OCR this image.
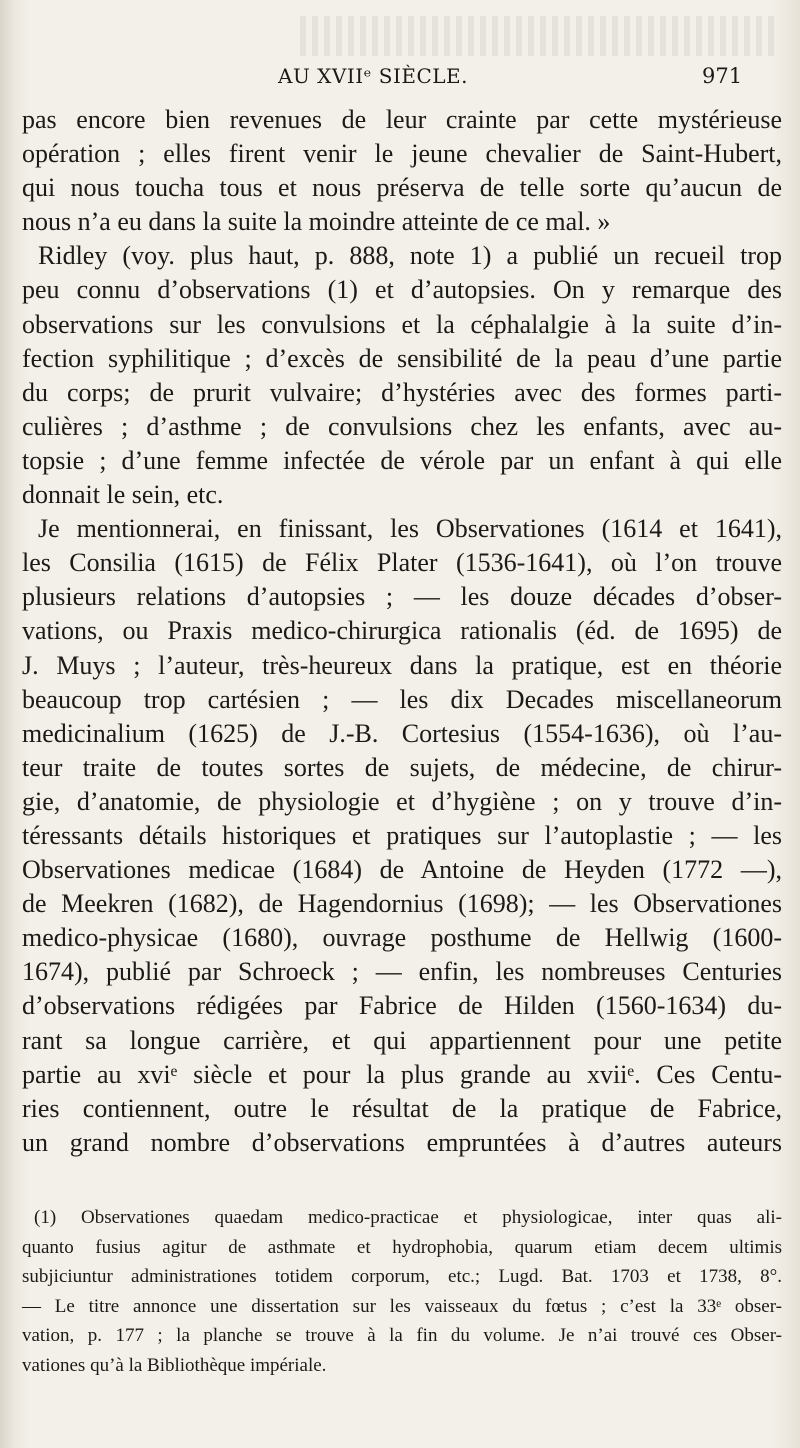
AU XVIIᵉ SIÈCLE.	971
pas encore bien revenues de leur crainte par cette mystérieuse
opération ; elles firent venir le jeune chevalier de Saint-Hubert,
qui nous toucha tous et nous préserva de telle sorte qu’aucun de
nous n’a eu dans la suite la moindre atteinte de ce mal. »
Ridley (voy. plus haut, p. 888, note 1) a publié un recueil trop
peu connu d’observations (1) et d’autopsies. On y remarque des
observations sur les convulsions et la céphalalgie à la suite d’in-
fection syphilitique ; d’excès de sensibilité de la peau d’une partie
du corps; de prurit vulvaire; d’hystéries avec des formes parti-
culières ; d’asthme ; de convulsions chez les enfants, avec au-
topsie ; d’une femme infectée de vérole par un enfant à qui elle
donnait le sein, etc.
Je mentionnerai, en finissant, les Observationes (1614 et 1641),
les Consilia (1615) de Félix Plater (1536-1641), où l’on trouve
plusieurs relations d’autopsies ; — les douze décades d’obser-
vations, ou Praxis medico-chirurgica rationalis (éd. de 1695) de
J. Muys ; l’auteur, très-heureux dans la pratique, est en théorie
beaucoup trop cartésien ; — les dix Decades miscellaneorum
medicinalium (1625) de J.-B. Cortesius (1554-1636), où l’au-
teur traite de toutes sortes de sujets, de médecine, de chirur-
gie, d’anatomie, de physiologie et d’hygiène ; on y trouve d’in-
téressants détails historiques et pratiques sur l’autoplastie ; — les
Observationes medicae (1684) de Antoine de Heyden (1772 —),
de Meekren (1682), de Hagendornius (1698); — les Observationes
medico-physicae (1680), ouvrage posthume de Hellwig (1600-
1674), publié par Schroeck ; — enfin, les nombreuses Centuries
d’observations rédigées par Fabrice de Hilden (1560-1634) du-
rant sa longue carrière, et qui appartiennent pour une petite
partie au xviᵉ siècle et pour la plus grande au xviiᵉ. Ces Centu-
ries contiennent, outre le résultat de la pratique de Fabrice,
un grand nombre d’observations empruntées à d’autres auteurs
(1) Observationes quaedam medico-practicae et physiologicae, inter quas ali-
quanto fusius agitur de asthmate et hydrophobia, quarum etiam decem ultimis
subjiciuntur administrationes totidem corporum, etc.; Lugd. Bat. 1703 et 1738, 8°.
— Le titre annonce une dissertation sur les vaisseaux du fœtus ; c’est la 33ᵉ obser-
vation, p. 177 ; la planche se trouve à la fin du volume. Je n’ai trouvé ces Obser-
vationes qu’à la Bibliothèque impériale.
